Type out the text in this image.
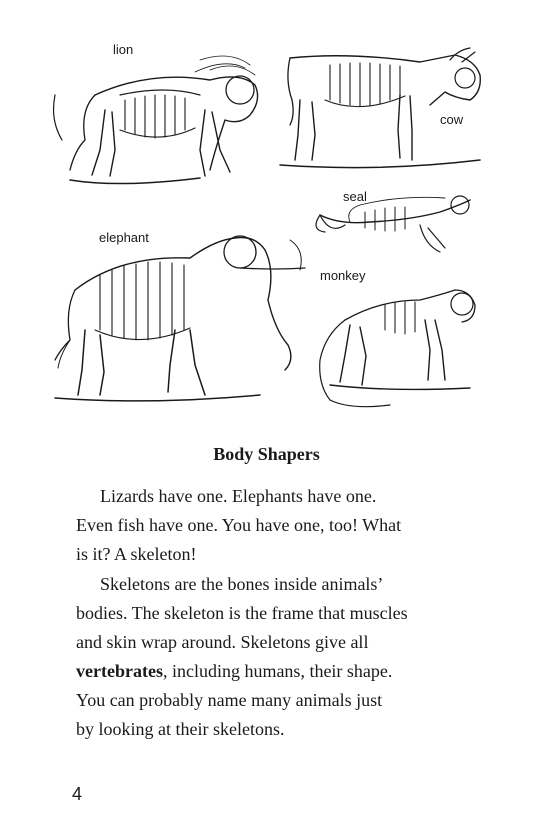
lion
cow
seal
elephant
monkey
Body Shapers

Lizards have one. Elephants have one.
Even fish have one. You have one, too! What
is it? A skeleton!

Skeletons are the bones inside animals’
bodies. The skeleton is the frame that muscles
and skin wrap around. Skeletons give all
vertebrates, including humans, their shape.
You can probably name many animals just
by looking at their skeletons.

4
